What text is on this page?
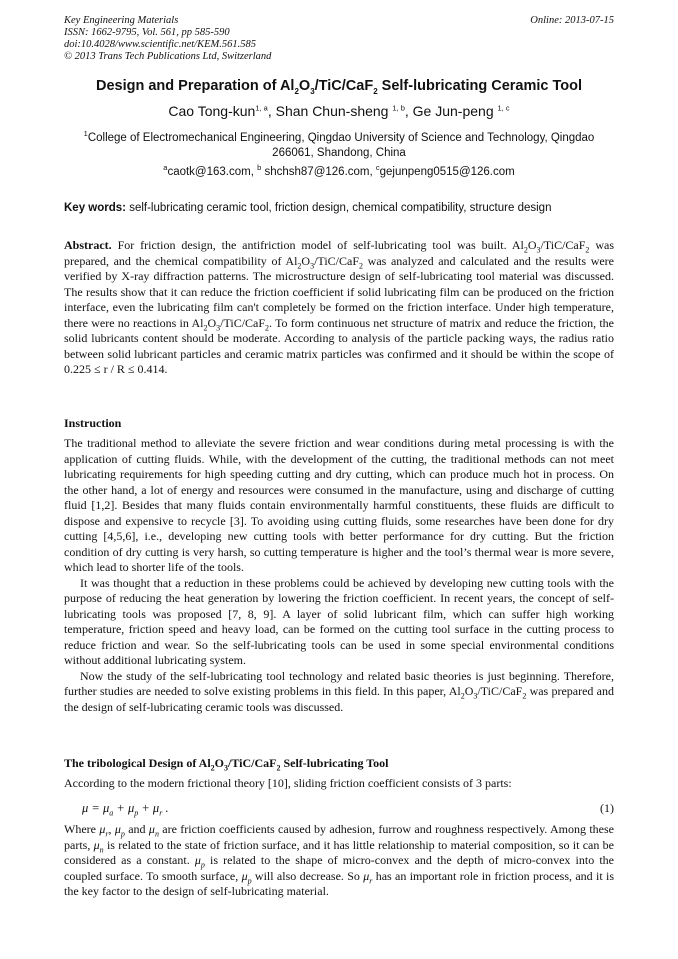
Key Engineering Materials
ISSN: 1662-9795, Vol. 561, pp 585-590
doi:10.4028/www.scientific.net/KEM.561.585
© 2013 Trans Tech Publications Ltd, Switzerland
Online: 2013-07-15
Design and Preparation of $Al_2O_3/TiC/CaF_2$ Self-lubricating Ceramic Tool
Cao Tong-kun$^{1, a}$, Shan Chun-sheng $^{1, b}$, Ge Jun-peng $^{1, c}$
$^1$College of Electromechanical Engineering, Qingdao University of Science and Technology, Qingdao 266061, Shandong, China
$^a$caotk@163.com, $^b$ shchsh87@126.com, $^c$gejunpeng0515@126.com
Key words: self-lubricating ceramic tool, friction design, chemical compatibility, structure design
Abstract. For friction design, the antifriction model of self-lubricating tool was built. $Al_2O_3/TiC/CaF_2$ was prepared, and the chemical compatibility of $Al_2O_3/TiC/CaF_2$ was analyzed and calculated and the results were verified by X-ray diffraction patterns. The microstructure design of self-lubricating tool material was discussed. The results show that it can reduce the friction coefficient if solid lubricating film can be produced on the friction interface, even the lubricating film can't completely be formed on the friction interface. Under high temperature, there were no reactions in $Al_2O_3/TiC/CaF_2$. To form continuous net structure of matrix and reduce the friction, the solid lubricants content should be moderate. According to analysis of the particle packing ways, the radius ratio between solid lubricant particles and ceramic matrix particles was confirmed and it should be within the scope of 0.225 ≤ r / R ≤ 0.414.
Instruction

The traditional method to alleviate the severe friction and wear conditions during metal processing is with the application of cutting fluids. While, with the development of the cutting, the traditional methods can not meet lubricating requirements for high speeding cutting and dry cutting, which can produce much hot in process. On the other hand, a lot of energy and resources were consumed in the manufacture, using and discharge of cutting fluid [1,2]. Besides that many fluids contain environmentally harmful constituents, these fluids are difficult to dispose and expensive to recycle [3]. To avoiding using cutting fluids, some researches have been done for dry cutting [4,5,6], i.e., developing new cutting tools with better performance for dry cutting. But the friction condition of dry cutting is very harsh, so cutting temperature is higher and the tool’s thermal wear is more severe, which lead to shorter life of the tools.

It was thought that a reduction in these problems could be achieved by developing new cutting tools with the purpose of reducing the heat generation by lowering the friction coefficient. In recent years, the concept of self-lubricating tools was proposed [7, 8, 9]. A layer of solid lubricant film, which can suffer high working temperature, friction speed and heavy load, can be formed on the cutting tool surface in the cutting process to reduce friction and wear. So the self-lubricating tools can be used in some special environmental conditions without additional lubricating system.

Now the study of the self-lubricating tool technology and related basic theories is just beginning. Therefore, further studies are needed to solve existing problems in this field. In this paper, $Al_2O_3/TiC/CaF_2$ was prepared and the design of self-lubricating ceramic tools was discussed.

The tribological Design of $Al_2O_3/TiC/CaF_2$ Self-lubricating Tool
According to the modern frictional theory [10], sliding friction coefficient consists of 3 parts:
$\mu = \mu_a + \mu_p + \mu_r$ .	(1)
Where $\mu_r$, $\mu_p$ and $\mu_n$ are friction coefficients caused by adhesion, furrow and roughness respectively. Among these parts, $\mu_n$ is related to the state of friction surface, and it has little relationship to material composition, so it can be considered as a constant. $\mu_p$ is related to the shape of micro-convex and the depth of micro-convex into the coupled surface. To smooth surface, $\mu_p$ will also decrease. So $\mu_r$ has an important role in friction process, and it is the key factor to the design of self-lubricating material.
